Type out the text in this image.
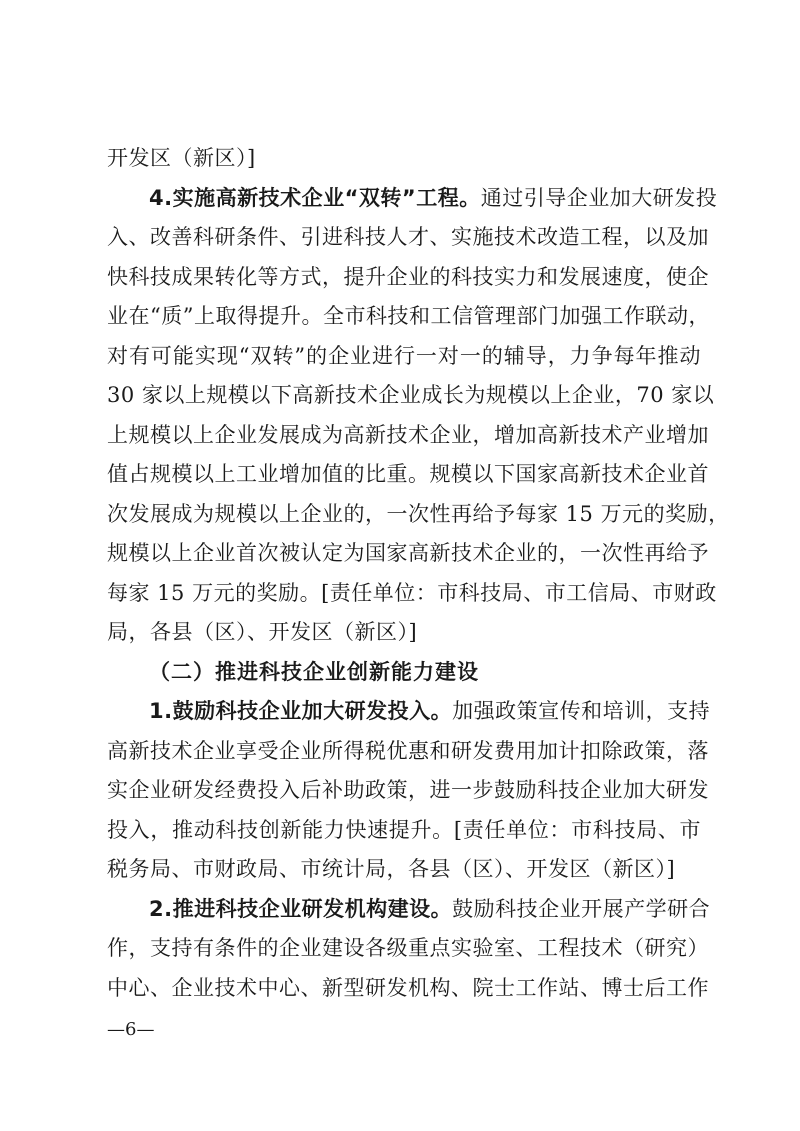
开发区（新区）]
4.实施高新技术企业“双转”工程。通过引导企业加大研发投
入、改善科研条件、引进科技人才、实施技术改造工程，以及加
快科技成果转化等方式，提升企业的科技实力和发展速度，使企
业在“质”上取得提升。全市科技和工信管理部门加强工作联动，
对有可能实现“双转”的企业进行一对一的辅导，力争每年推动
30 家以上规模以下高新技术企业成长为规模以上企业，70 家以
上规模以上企业发展成为高新技术企业，增加高新技术产业增加
值占规模以上工业增加值的比重。规模以下国家高新技术企业首
次发展成为规模以上企业的，一次性再给予每家 15 万元的奖励，
规模以上企业首次被认定为国家高新技术企业的，一次性再给予
每家 15 万元的奖励。[责任单位：市科技局、市工信局、市财政
局，各县（区）、开发区（新区）]
（二）推进科技企业创新能力建设
1.鼓励科技企业加大研发投入。加强政策宣传和培训，支持
高新技术企业享受企业所得税优惠和研发费用加计扣除政策，落
实企业研发经费投入后补助政策，进一步鼓励科技企业加大研发
投入，推动科技创新能力快速提升。[责任单位：市科技局、市
税务局、市财政局、市统计局，各县（区）、开发区（新区）]
—6—
2.推进科技企业研发机构建设。鼓励科技企业开展产学研合
作，支持有条件的企业建设各级重点实验室、工程技术（研究）
中心、企业技术中心、新型研发机构、院士工作站、博士后工作
